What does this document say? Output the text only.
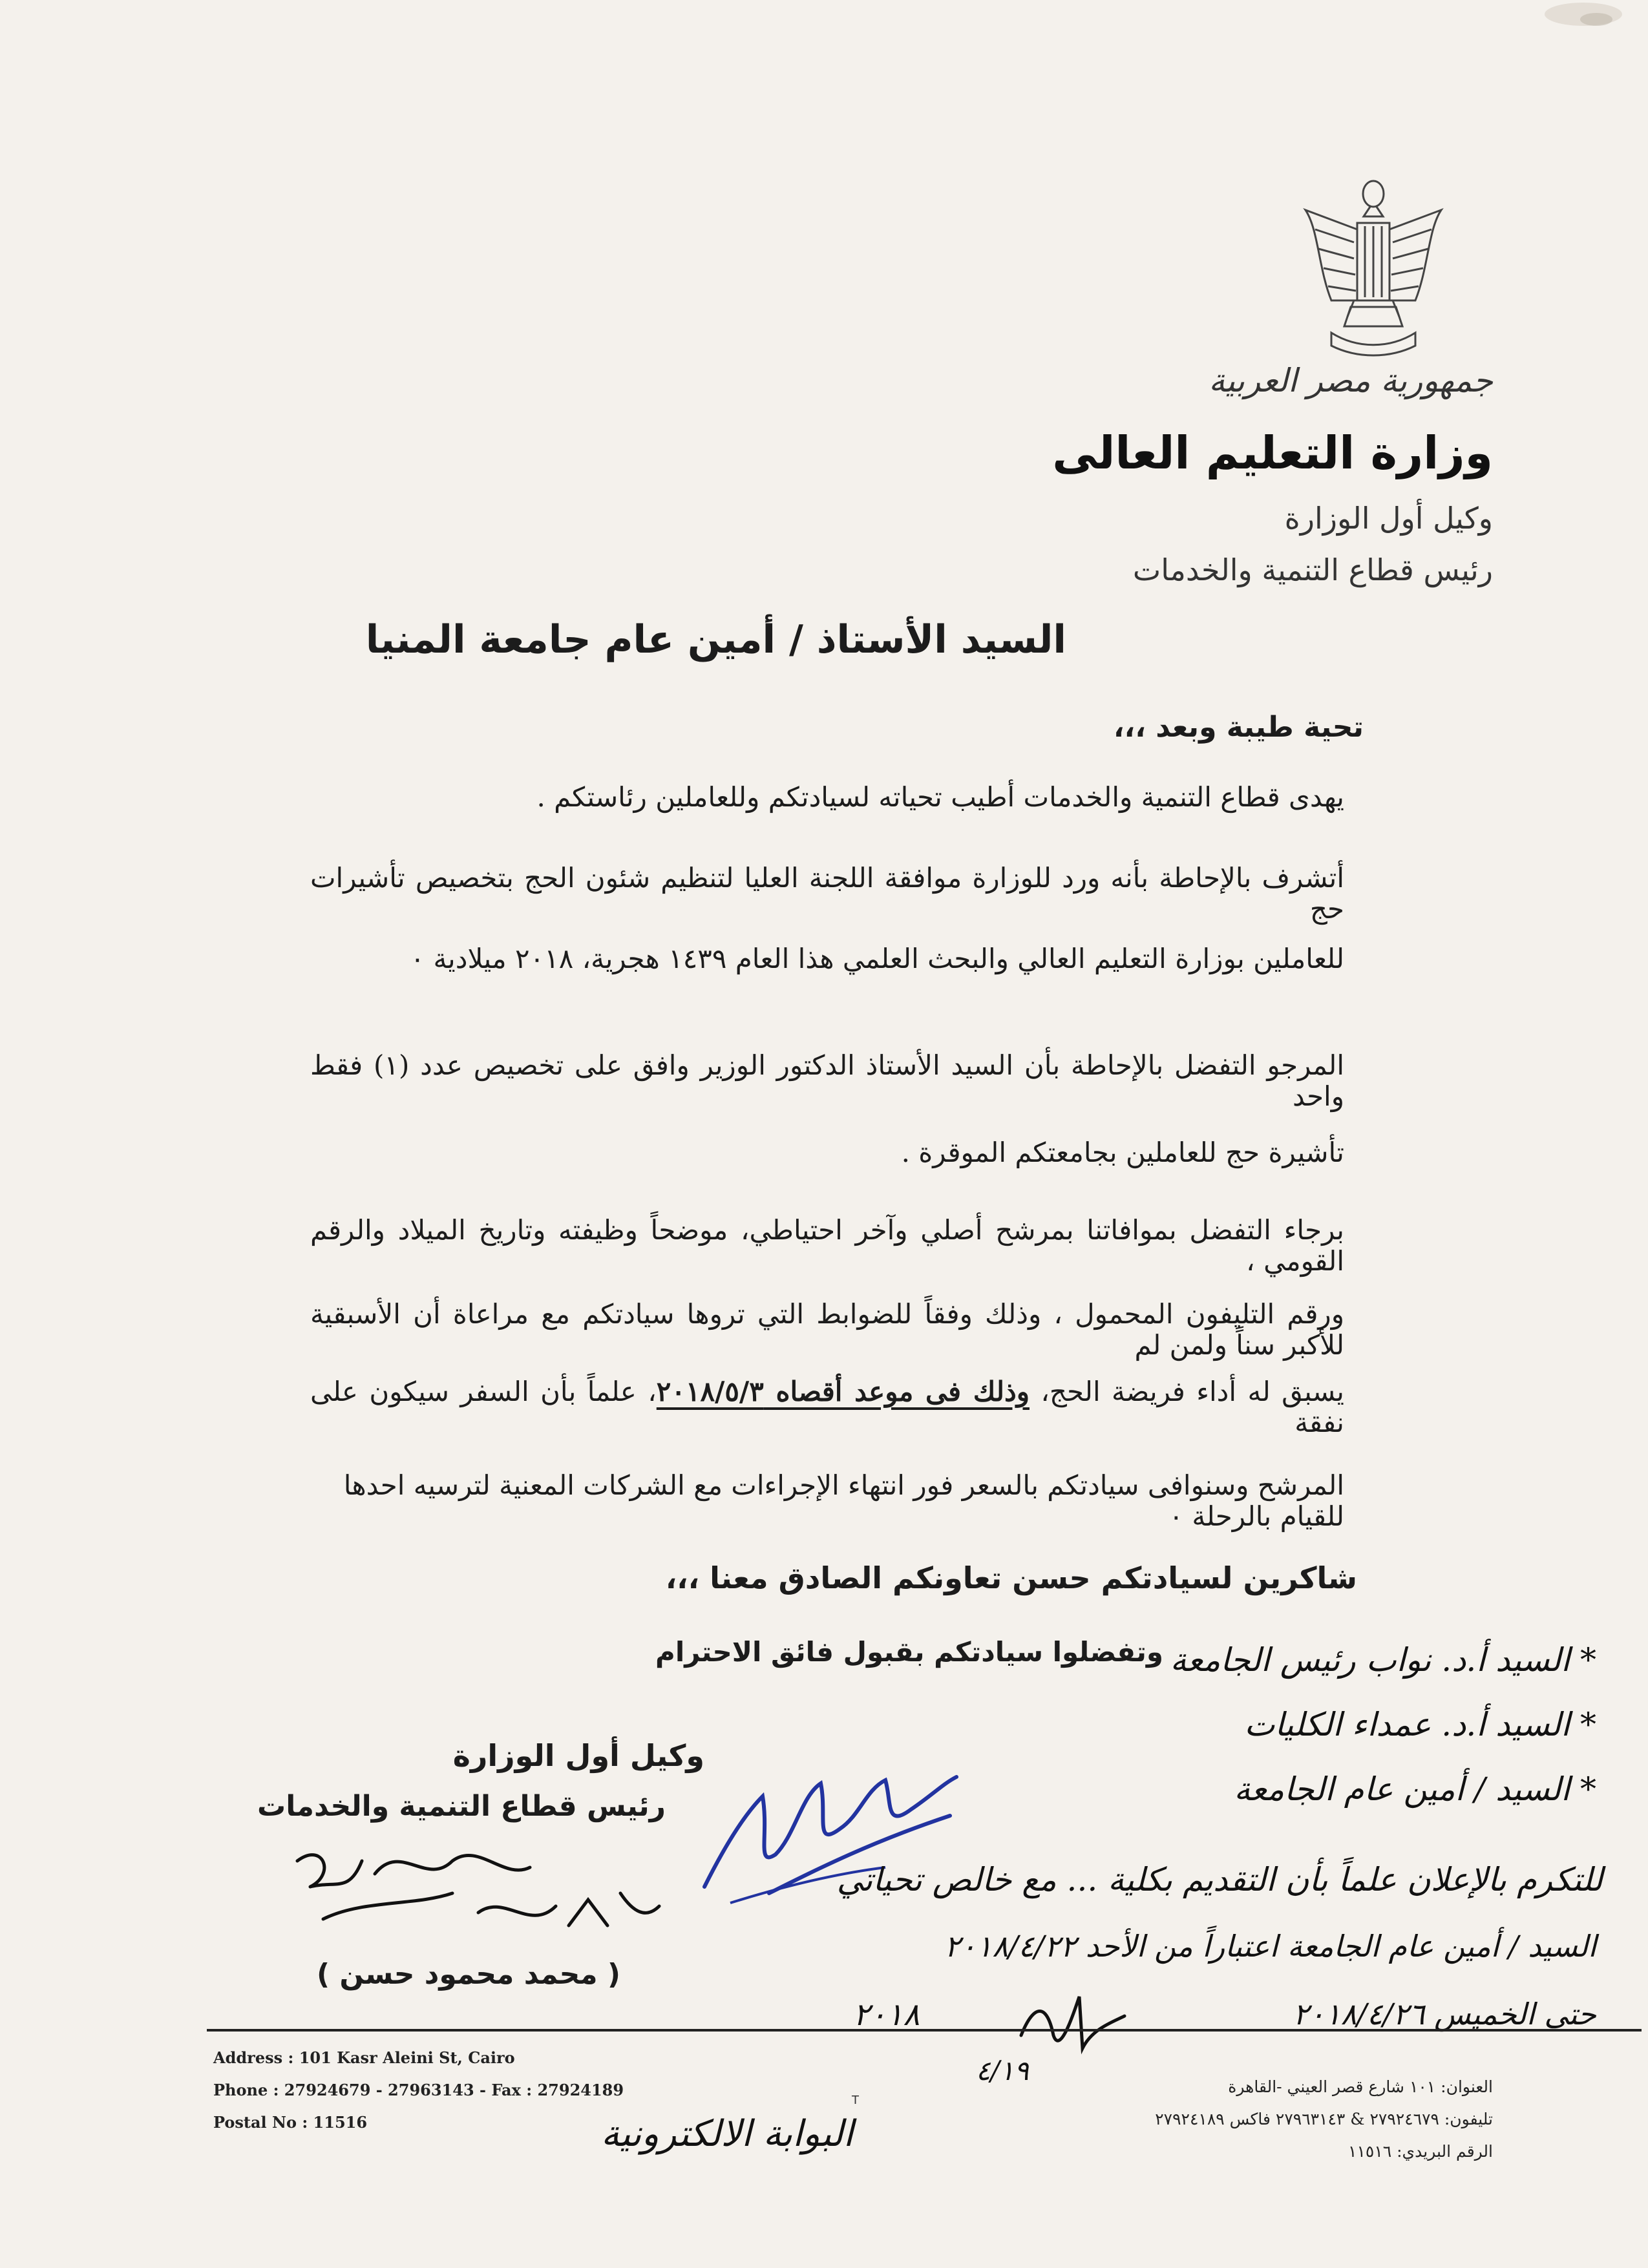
جمهورية مصر العربية
وزارة التعليم العالى
وكيل أول الوزارة
رئيس قطاع التنمية والخدمات
السيد الأستاذ / أمين عام جامعة المنيا
تحية طيبة وبعد ،،،
يهدى قطاع التنمية والخدمات أطيب تحياته لسيادتكم وللعاملين رئاستكم .
أتشرف بالإحاطة بأنه ورد للوزارة موافقة اللجنة العليا لتنظيم شئون الحج بتخصيص تأشيرات حج
للعاملين بوزارة التعليم العالي والبحث العلمي هذا العام ١٤٣٩ هجرية، ٢٠١٨ ميلادية ٠
المرجو التفضل بالإحاطة بأن السيد الأستاذ الدكتور الوزير وافق على تخصيص عدد (١) فقط واحد
تأشيرة حج للعاملين بجامعتكم الموقرة .
برجاء التفضل بموافاتنا بمرشح أصلي وآخر احتياطي، موضحاً وظيفته وتاريخ الميلاد والرقم القومي ،
ورقم التليفون المحمول ، وذلك وفقاً للضوابط التي تروها سيادتكم مع مراعاة أن الأسبقية للأكبر سناً ولمن لم
يسبق له أداء فريضة الحج، وذلك فى موعد أقصاه ٢٠١٨/٥/٣، علماً بأن السفر سيكون على نفقة
المرشح وسنوافى سيادتكم بالسعر فور انتهاء الإجراءات مع الشركات المعنية لترسيه احدها للقيام بالرحلة ٠
شاكرين لسيادتكم حسن تعاونكم الصادق معنا ،،،
وتفضلوا سيادتكم بقبول فائق الاحترام
وكيل أول الوزارة
رئيس قطاع التنمية والخدمات
( محمد محمود حسن )
* السيد أ.د. نواب رئيس الجامعة
* السيد أ.د. عمداء الكليات
* السيد / أمين عام الجامعة
للتكرم بالإعلان علماً بأن التقديم بكلية ... مع خالص تحياتي
السيد / أمين عام الجامعة اعتباراً من الأحد ٢٠١٨/٤/٢٢
حتى الخميس ٢٠١٨/٤/٢٦
٢٠١٨
٤/١٩
البوابة الالكترونية
Address : 101 Kasr Aleini St, Cairo
Phone : 27924679 - 27963143 - Fax : 27924189
Postal No : 11516
T
العنوان: ١٠١ شارع قصر العيني -القاهرة
تليفون: ٢٧٩٢٤٦٧٩ & ٢٧٩٦٣١٤٣ فاكس ٢٧٩٢٤١٨٩
الرقم البريدي: ١١٥١٦
